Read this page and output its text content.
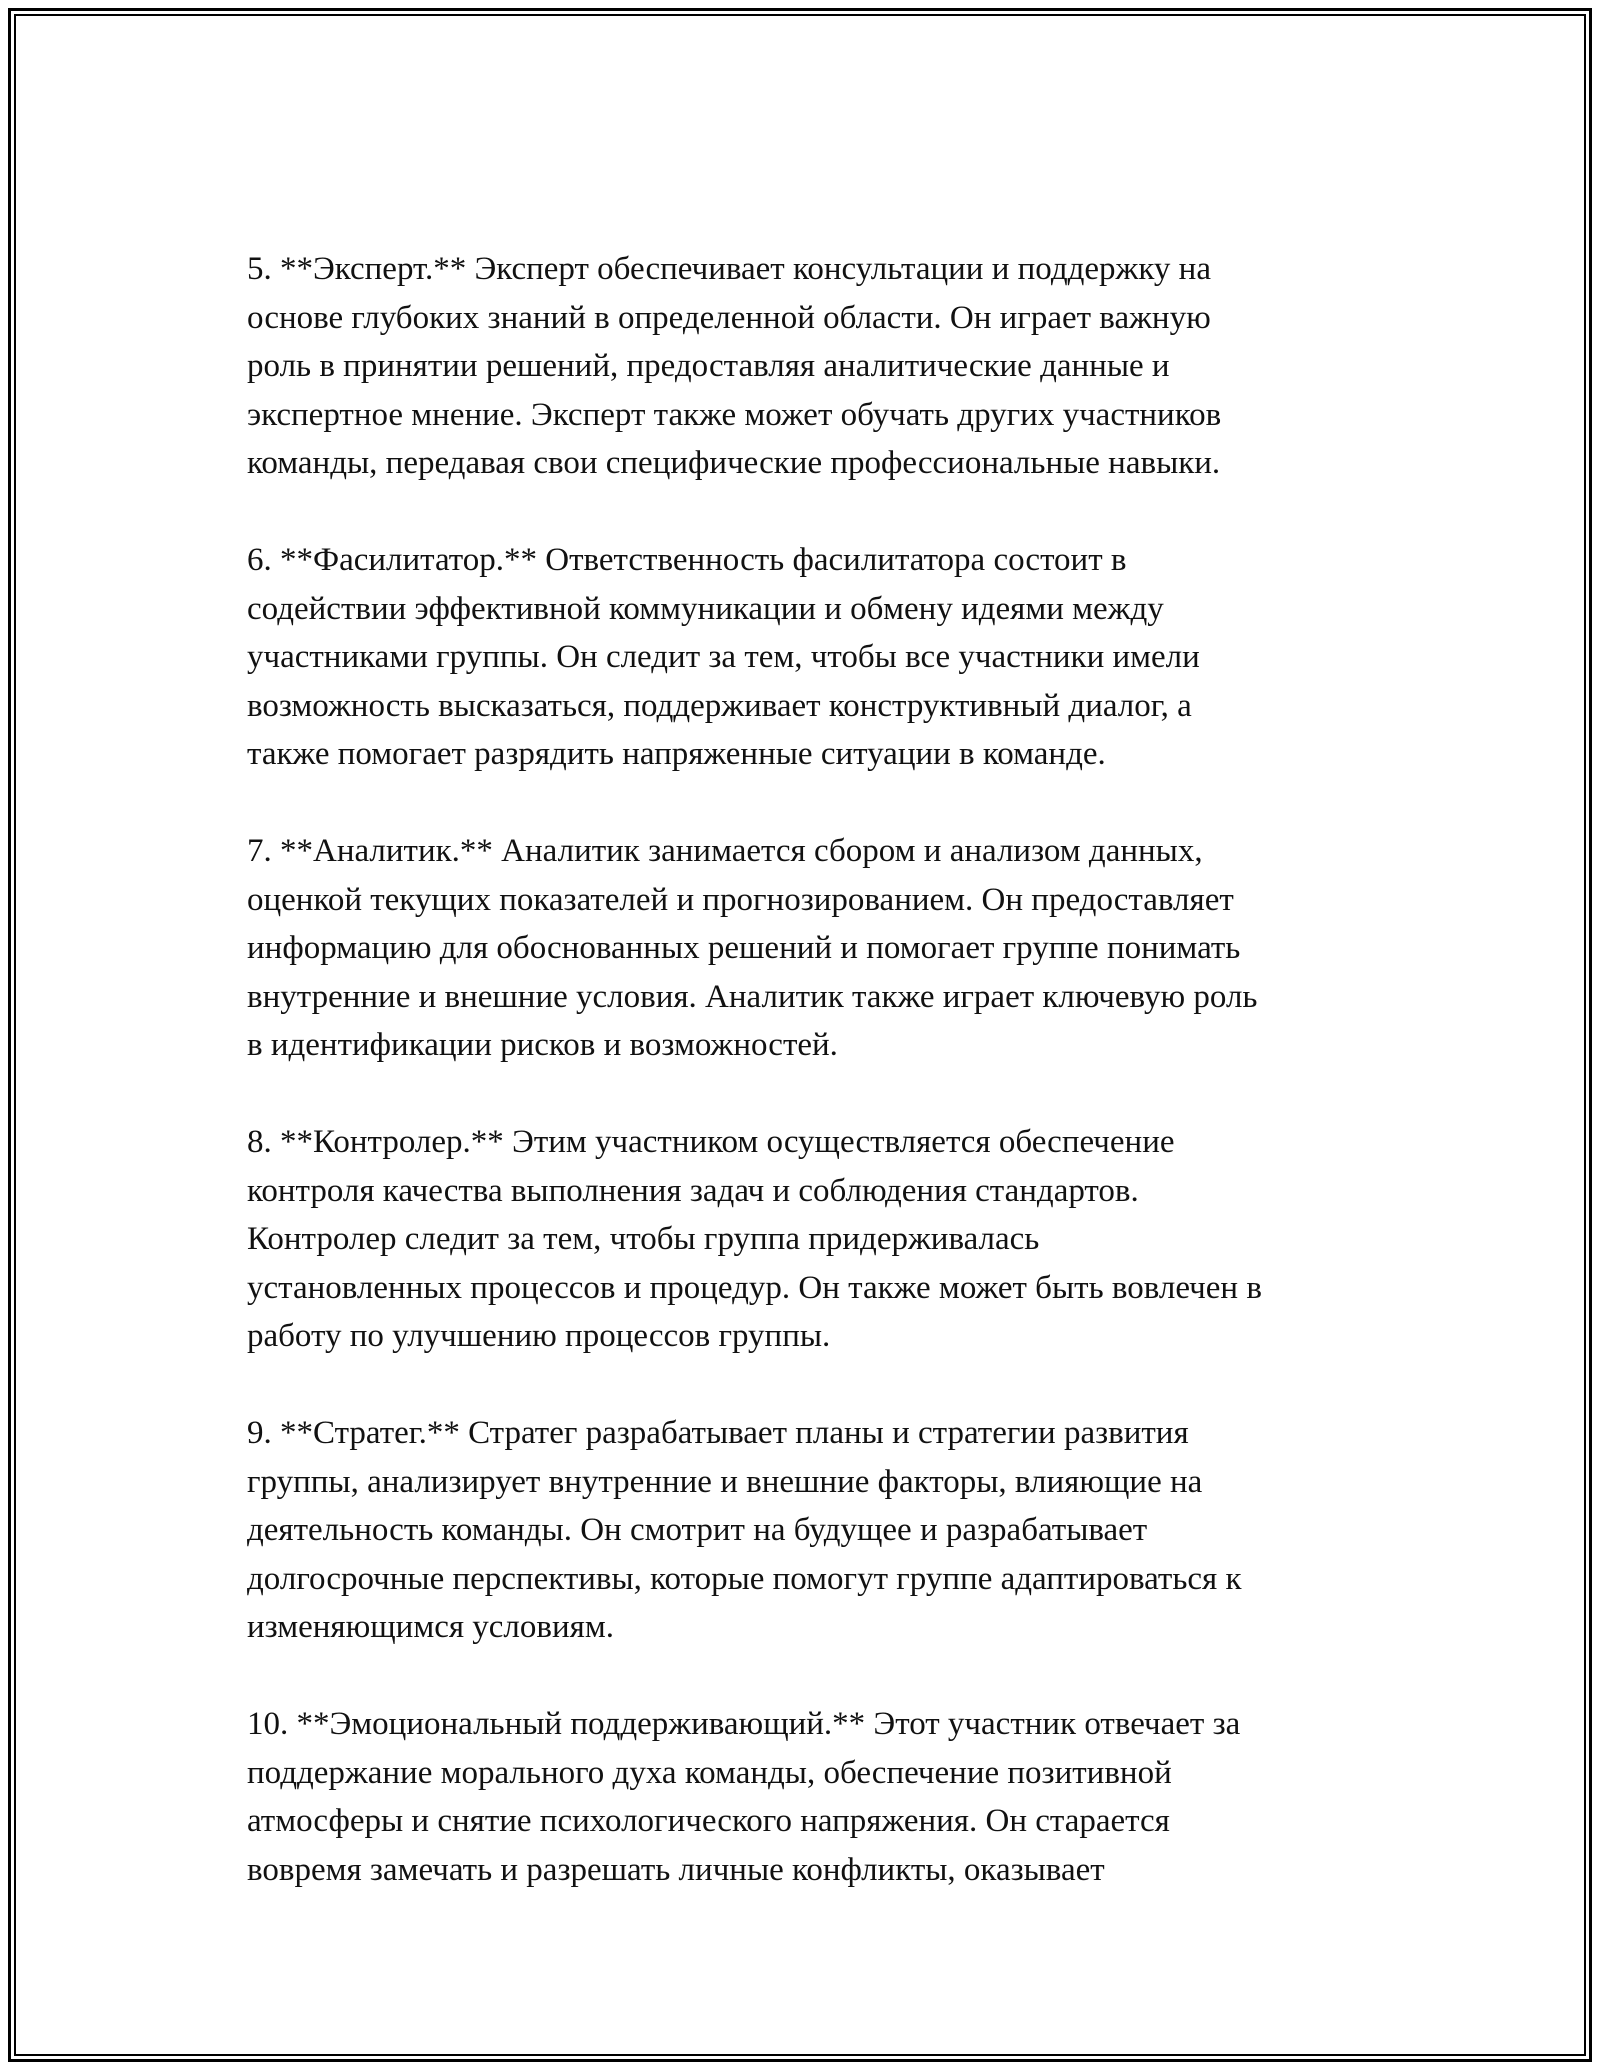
5. **Эксперт.** Эксперт обеспечивает консультации и поддержку на
основе глубоких знаний в определенной области. Он играет важную
роль в принятии решений, предоставляя аналитические данные и
экспертное мнение. Эксперт также может обучать других участников
команды, передавая свои специфические профессиональные навыки.

6. **Фасилитатор.** Ответственность фасилитатора состоит в
содействии эффективной коммуникации и обмену идеями между
участниками группы. Он следит за тем, чтобы все участники имели
возможность высказаться, поддерживает конструктивный диалог, а
также помогает разрядить напряженные ситуации в команде.

7. **Аналитик.** Аналитик занимается сбором и анализом данных,
оценкой текущих показателей и прогнозированием. Он предоставляет
информацию для обоснованных решений и помогает группе понимать
внутренние и внешние условия. Аналитик также играет ключевую роль
в идентификации рисков и возможностей.

8. **Контролер.** Этим участником осуществляется обеспечение
контроля качества выполнения задач и соблюдения стандартов.
Контролер следит за тем, чтобы группа придерживалась
установленных процессов и процедур. Он также может быть вовлечен в
работу по улучшению процессов группы.

9. **Стратег.** Стратег разрабатывает планы и стратегии развития
группы, анализирует внутренние и внешние факторы, влияющие на
деятельность команды. Он смотрит на будущее и разрабатывает
долгосрочные перспективы, которые помогут группе адаптироваться к
изменяющимся условиям.

10. **Эмоциональный поддерживающий.** Этот участник отвечает за
поддержание морального духа команды, обеспечение позитивной
атмосферы и снятие психологического напряжения. Он старается
вовремя замечать и разрешать личные конфликты, оказывает
